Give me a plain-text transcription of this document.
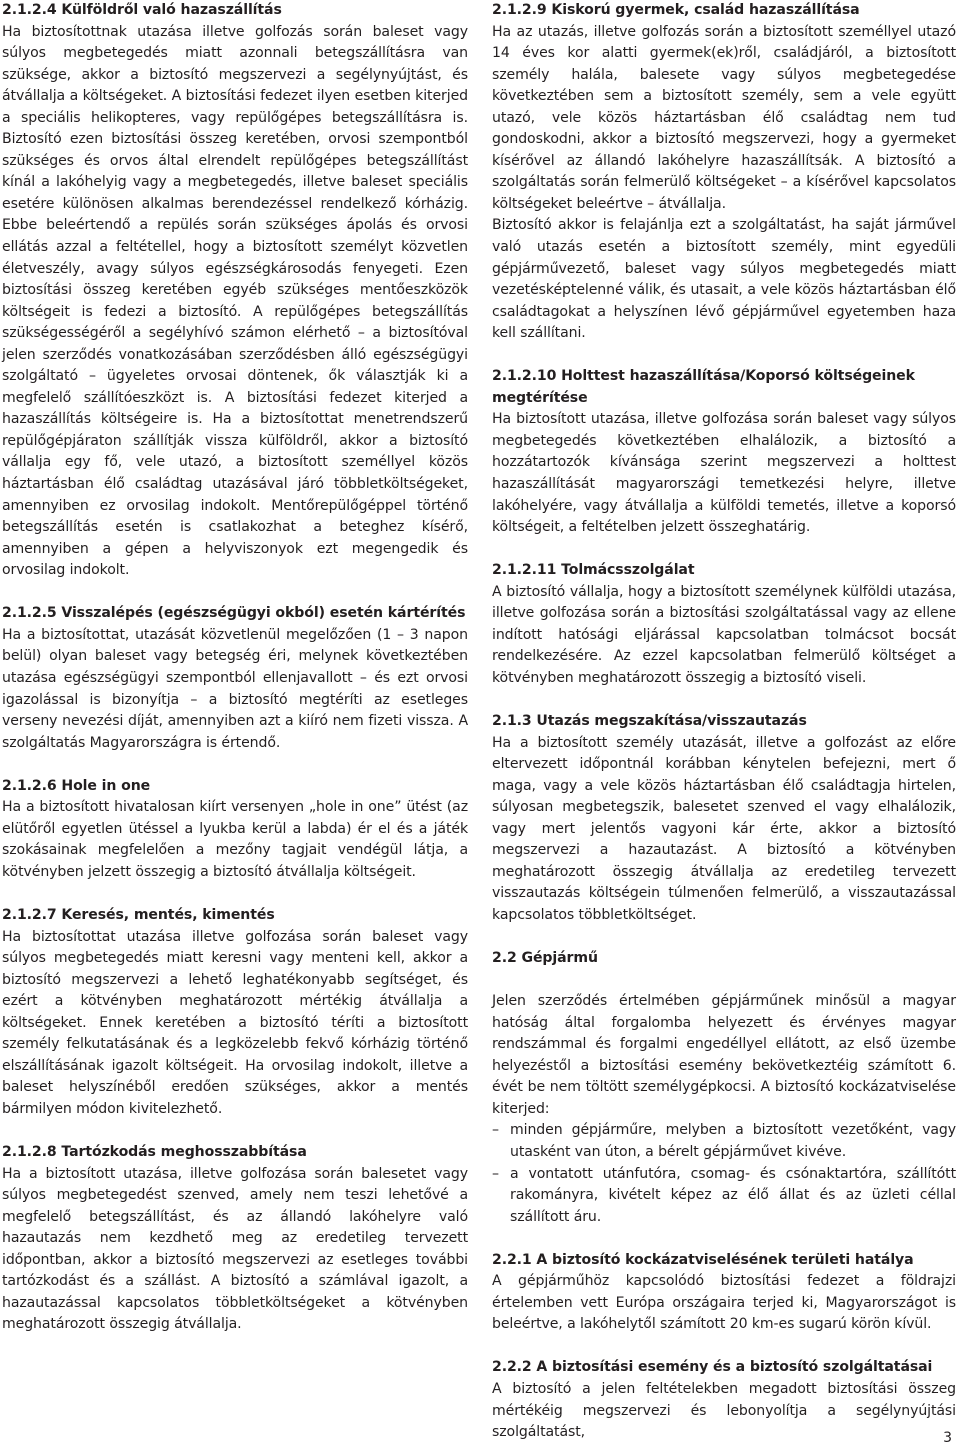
2.1.2.4 Külföldről való hazaszállítás

Ha biztosítottnak utazása illetve golfozás során baleset vagy súlyos megbetegedés miatt azonnali betegszállításra van szüksége, akkor a biztosító megszervezi a segélynyújtást, és átvállalja a költségeket. A biztosítási fedezet ilyen esetben kiterjed a speciális helikopteres, vagy repülőgépes betegszállításra is. Biztosító ezen biztosítási összeg keretében, orvosi szempontból szükséges és orvos által elrendelt repülőgépes betegszállítást kínál a lakóhelyig vagy a megbetegedés, illetve baleset speciális esetére különösen alkalmas berendezéssel rendelkező kórházig. Ebbe beleértendő a repülés során szükséges ápolás és orvosi ellátás azzal a feltétellel, hogy a biztosított személyt közvetlen életveszély, avagy súlyos egészségkárosodás fenyegeti. Ezen biztosítási összeg keretében egyéb szükséges mentőeszközök költségeit is fedezi a biztosító. A repülőgépes betegszállítás szükségességéről a segélyhívó számon elérhető – a biztosítóval jelen szerződés vonatkozásában szerződésben álló egészségügyi szolgáltató – ügyeletes orvosai döntenek, ők választják ki a megfelelő szállítóeszközt is. A biztosítási fedezet kiterjed a hazaszállítás költségeire is. Ha a biztosítottat menetrendszerű repülőgépjáraton szállítják vissza külföldről, akkor a biztosító vállalja egy fő, vele utazó, a biztosított személlyel közös háztartásban élő családtag utazásával járó többletköltségeket, amennyiben ez orvosilag indokolt. Mentőrepülőgéppel történő betegszállítás esetén is csatlakozhat a beteghez kísérő, amennyiben a gépen a helyviszonyok ezt megengedik és orvosilag indokolt.

2.1.2.5 Visszalépés (egészségügyi okból) esetén kártérítés

Ha a biztosítottat, utazását közvetlenül megelőzően (1 – 3 napon belül) olyan baleset vagy betegség éri, melynek következtében utazása egészségügyi szempontból ellenjavallott – és ezt orvosi igazolással is bizonyítja – a biztosító megtéríti az esetleges verseny nevezési díját, amennyiben azt a kiíró nem fizeti vissza. A szolgáltatás Magyarországra is értendő.

2.1.2.6 Hole in one

Ha a biztosított hivatalosan kiírt versenyen „hole in one” ütést (az elütőről egyetlen ütéssel a lyukba kerül a labda) ér el és a játék szokásainak megfelelően a mezőny tagjait vendégül látja, a kötvényben jelzett összegig a biztosító átvállalja költségeit.

2.1.2.7 Keresés, mentés, kimentés

Ha biztosítottat utazása illetve golfozása során baleset vagy súlyos megbetegedés miatt keresni vagy menteni kell, akkor a biztosító megszervezi a lehető leghatékonyabb segítséget, és ezért a kötvényben meghatározott mértékig átvállalja a költségeket. Ennek keretében a biztosító téríti a biztosított személy felkutatásának és a legközelebb fekvő kórházig történő elszállításának igazolt költségeit. Ha orvosilag indokolt, illetve a baleset helyszínéből eredően szükséges, akkor a mentés bármilyen módon kivitelezhető.

2.1.2.8 Tartózkodás meghosszabbítása

Ha a biztosított utazása, illetve golfozása során balesetet vagy súlyos megbetegedést szenved, amely nem teszi lehetővé a megfelelő betegszállítást, és az állandó lakóhelyre való hazautazás nem kezdhető meg az eredetileg tervezett időpontban, akkor a biztosító megszervezi az esetleges további tartózkodást és a szállást. A biztosító a számlával igazolt, a hazautazással kapcsolatos többletköltségeket a kötvényben meghatározott összegig átvállalja.

2.1.2.9 Kiskorú gyermek, család hazaszállítása

Ha az utazás, illetve golfozás során a biztosított személlyel utazó 14 éves kor alatti gyermek(ek)ről, családjáról, a biztosított személy halála, balesete vagy súlyos megbetegedése következtében sem a biztosított személy, sem a vele együtt utazó, vele közös háztartásban élő családtag nem tud gondoskodni, akkor a biztosító megszervezi, hogy a gyermeket kísérővel az állandó lakóhelyre hazaszállítsák. A biztosító a szolgáltatás során felmerülő költségeket – a kísérővel kapcsolatos költségeket beleértve – átvállalja.

Biztosító akkor is felajánlja ezt a szolgáltatást, ha saját járművel való utazás esetén a biztosított személy, mint egyedüli gépjárművezető, baleset vagy súlyos megbetegedés miatt vezetésképtelenné válik, és utasait, a vele közös háztartásban élő családtagokat a helyszínen lévő gépjárművel egyetemben haza kell szállítani.

2.1.2.10 Holttest hazaszállítása/Koporsó költségeinek megtérítése

Ha biztosított utazása, illetve golfozása során baleset vagy súlyos megbetegedés következtében elhalálozik, a biztosító a hozzátartozók kívánsága szerint megszervezi a holttest hazaszállítását magyarországi temetkezési helyre, illetve lakóhelyére, vagy átvállalja a külföldi temetés, illetve a koporsó költségeit, a feltételben jelzett összeghatárig.

2.1.2.11 Tolmácsszolgálat

A biztosító vállalja, hogy a biztosított személynek külföldi utazása, illetve golfozása során a biztosítási szolgáltatással vagy az ellene indított hatósági eljárással kapcsolatban tolmácsot bocsát rendelkezésére. Az ezzel kapcsolatban felmerülő költséget a kötvényben meghatározott összegig a biztosító viseli.

2.1.3 Utazás megszakítása/visszautazás

Ha a biztosított személy utazását, illetve a golfozást az előre eltervezett időpontnál korábban kénytelen befejezni, mert ő maga, vagy a vele közös háztartásban élő családtagja hirtelen, súlyosan megbetegszik, balesetet szenved el vagy elhalálozik, vagy mert jelentős vagyoni kár érte, akkor a biztosító megszervezi a hazautazást. A biztosító a kötvényben meghatározott összegig átvállalja az eredetileg tervezett visszautazás költségein túlmenően felmerülő, a visszautazással kapcsolatos többletköltséget.

2.2 Gépjármű

Jelen szerződés értelmében gépjárműnek minősül a magyar hatóság által forgalomba helyezett és érvényes magyar rendszámmal és forgalmi engedéllyel ellátott, az első üzembe helyezéstől a biztosítási esemény bekövetkeztéig számított 6. évét be nem töltött személygépkocsi. A biztosító kockázatviselése kiterjed:

– minden gépjárműre, melyben a biztosított vezetőként, vagy utasként van úton, a bérelt gépjárművet kivéve.
– a vontatott utánfutóra, csomag- és csónaktartóra, szállítótt rakományra, kivételt képez az élő állat és az üzleti céllal szállított áru.
2.2.1 A biztosító kockázatviselésének területi hatálya

A gépjárműhöz kapcsolódó biztosítási fedezet a földrajzi értelemben vett Európa országaira terjed ki, Magyarországot is beleértve, a lakóhelytől számított 20 km-es sugarú körön kívül.

2.2.2 A biztosítási esemény és a biztosító szolgáltatásai

A biztosító a jelen feltételekben megadott biztosítási összeg mértékéig megszervezi és lebonyolítja a segélynyújtási szolgáltatást,	3
